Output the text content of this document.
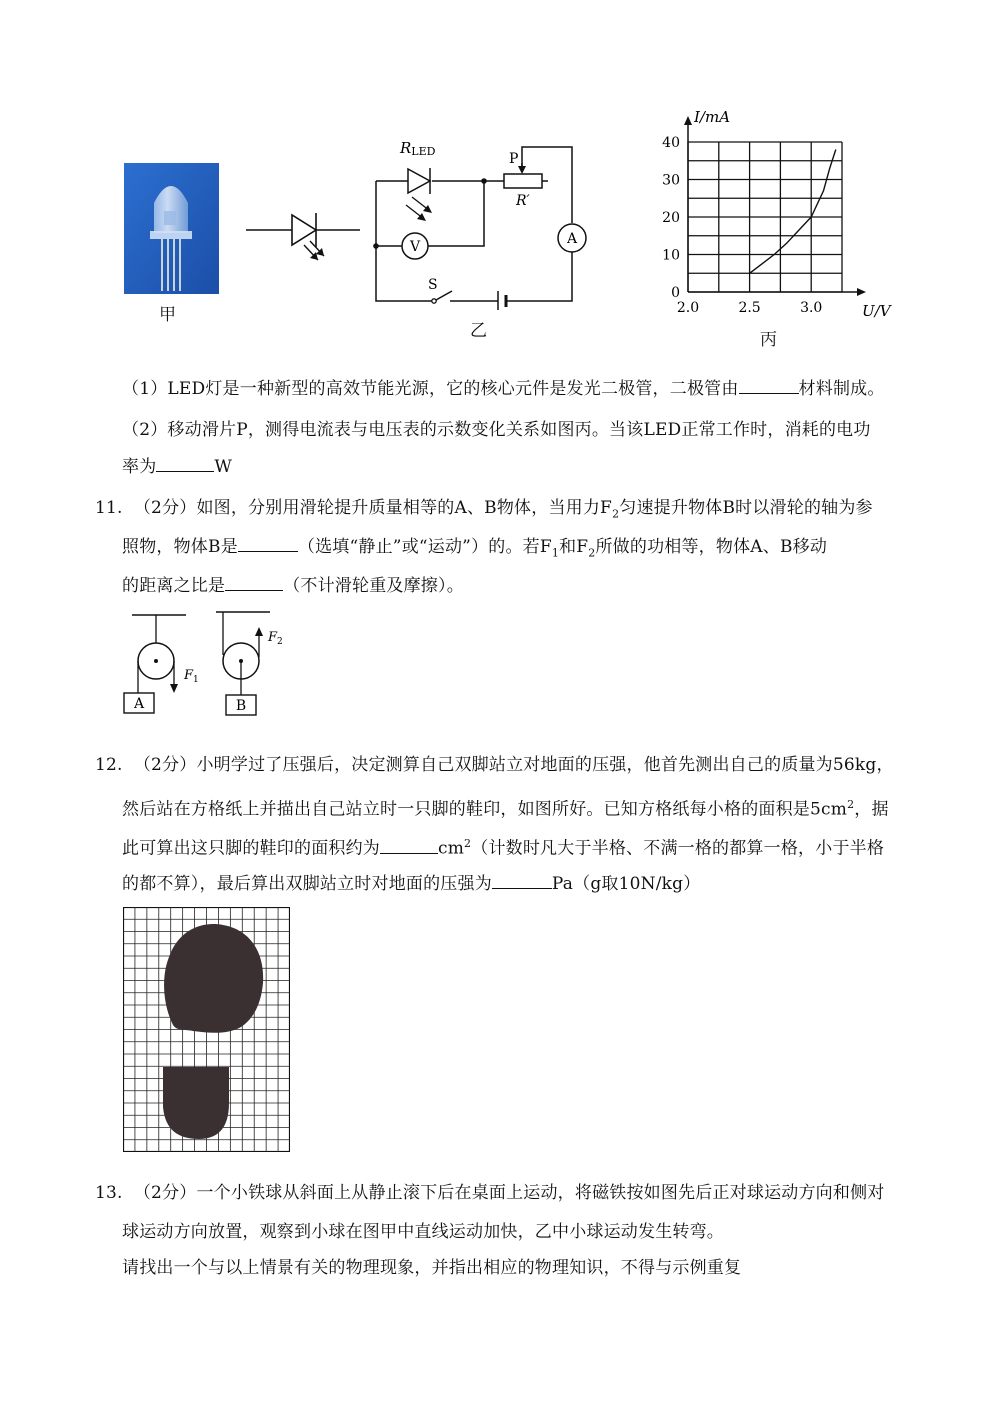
甲
RLED	P
R′
V	A
S
乙
2.0	2.5	3.0
0
10
20
30
40
I/mA
U/V
丙
（1）LED灯是一种新型的高效节能光源，它的核心元件是发光二极管，二极管由	材料制成。
（2）移动滑片P，测得电流表与电压表的示数变化关系如图丙。当该LED正常工作时，消耗的电功
率为	W
11. （2分）如图，分别用滑轮提升质量相等的A、B物体，当用力$F_2$匀速提升物体B时以滑轮的轴为参
照物，物体B是	（选填“静止”或“运动”）的。若$F_1$和$F_2$所做的功相等，物体A、B移动
的距离之比是	（不计滑轮重及摩擦）。
A
$F_1$
B
$F_2$
12. （2分）小明学过了压强后，决定测算自己双脚站立对地面的压强，他首先测出自己的质量为56kg，
然后站在方格纸上并描出自己站立时一只脚的鞋印，如图所好。已知方格纸每小格的面积是$5cm^2$，据
此可算出这只脚的鞋印的面积约为	$cm^2$（计数时凡大于半格、不满一格的都算一格，小于半格
的都不算），最后算出双脚站立时对地面的压强为	Pa（g取10N/kg）
13. （2分）一个小铁球从斜面上从静止滚下后在桌面上运动，将磁铁按如图先后正对球运动方向和侧对
球运动方向放置，观察到小球在图甲中直线运动加快，乙中小球运动发生转弯。
请找出一个与以上情景有关的物理现象，并指出相应的物理知识，不得与示例重复
